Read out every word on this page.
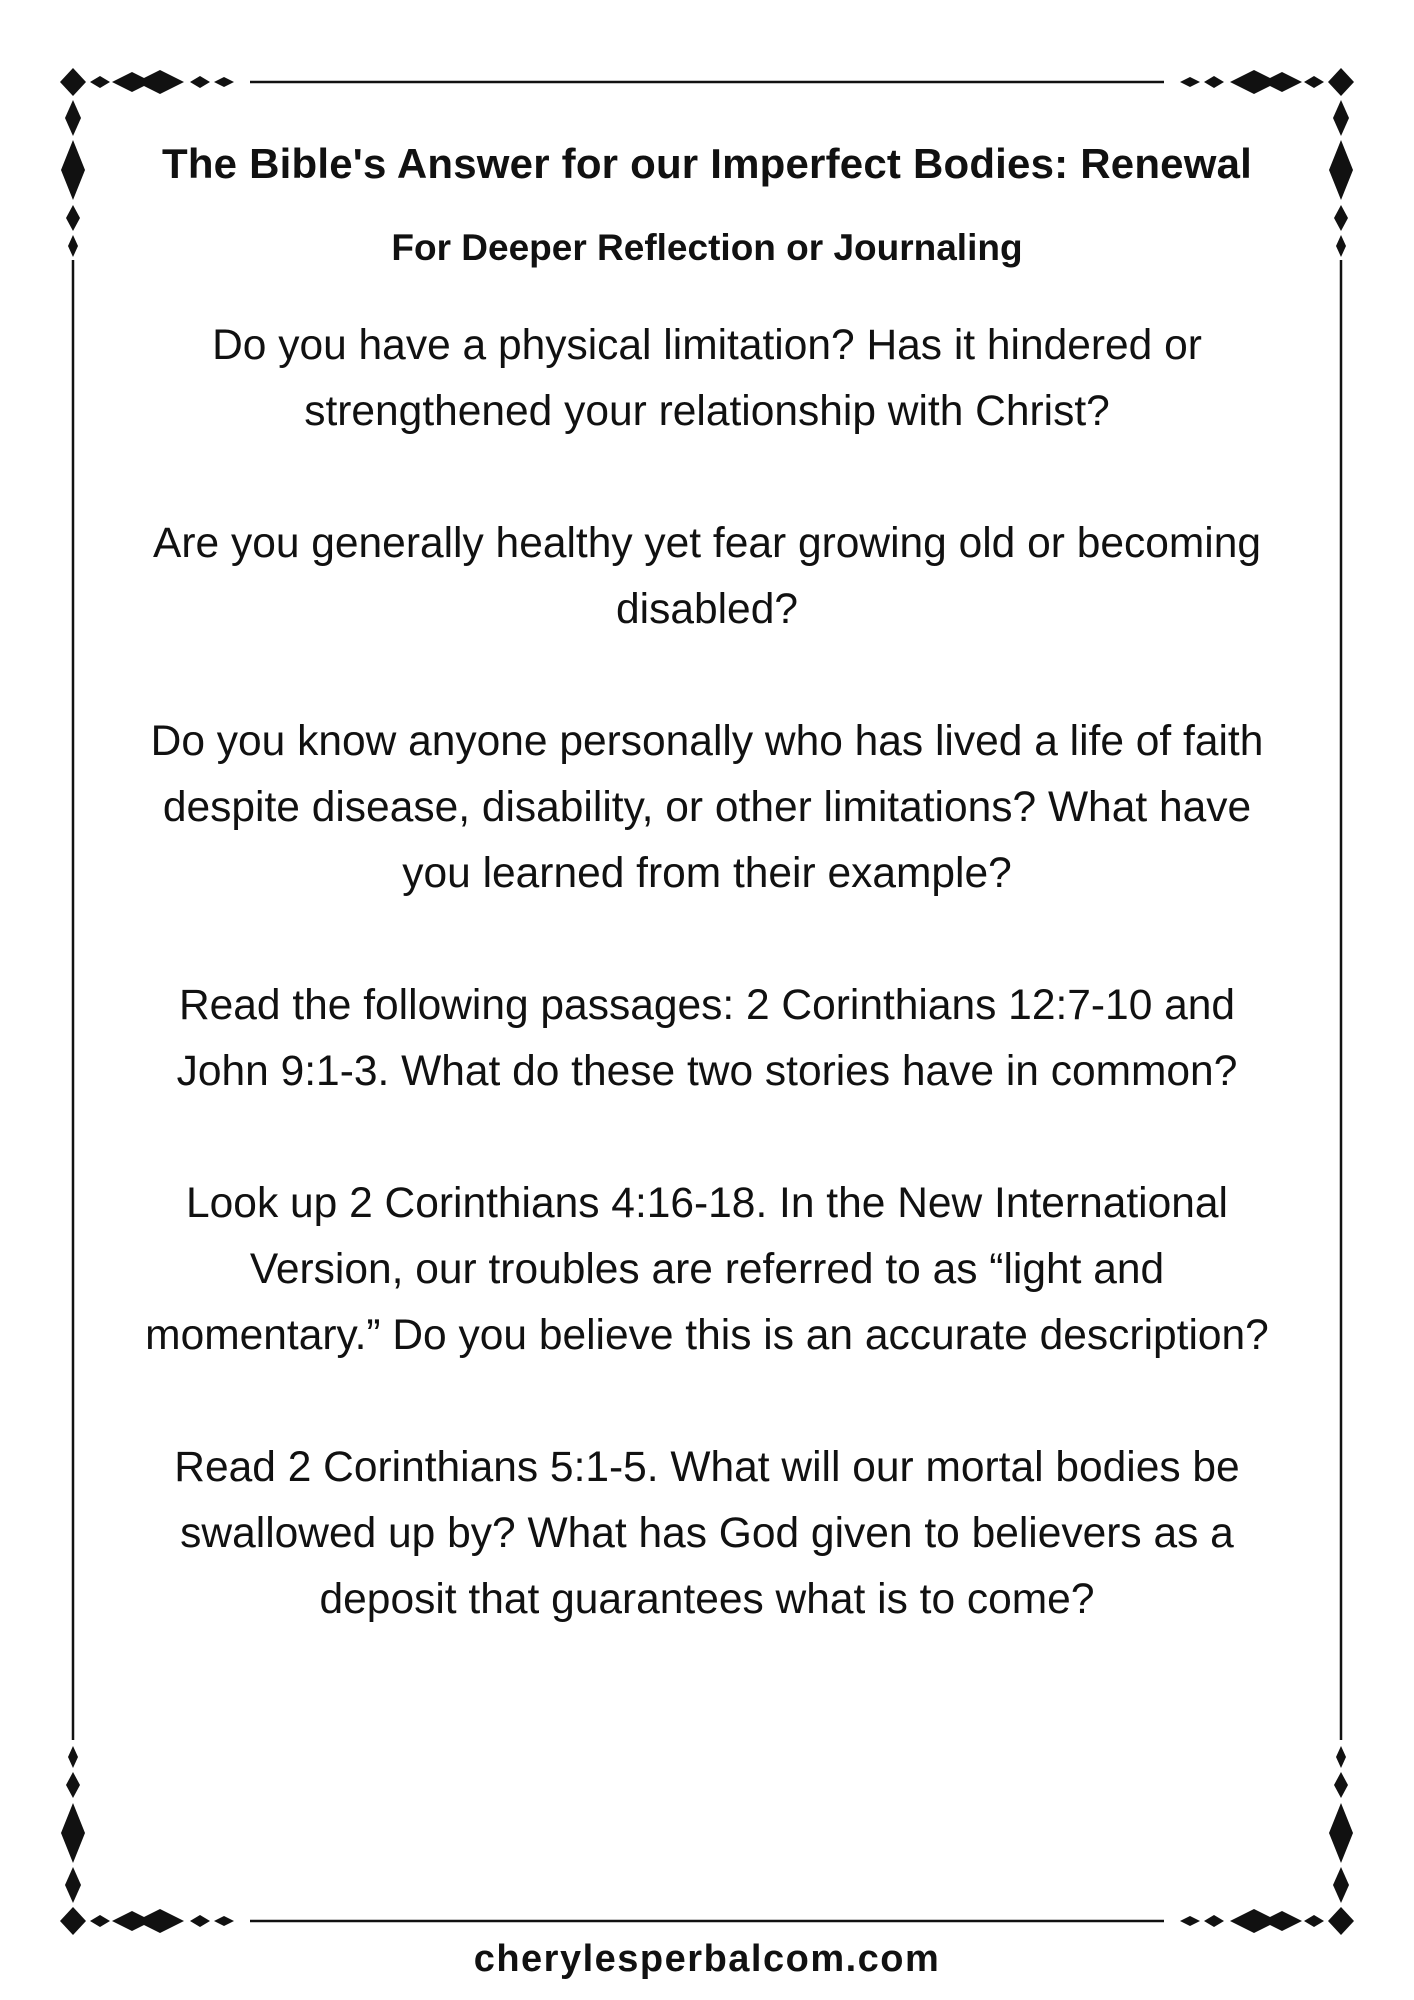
The Bible's Answer for our Imperfect Bodies: Renewal
For Deeper Reflection or Journaling

Do you have a physical limitation? Has it hindered or strengthened your relationship with Christ?

Are you generally healthy yet fear growing old or becoming disabled?

Do you know anyone personally who has lived a life of faith despite disease, disability, or other limitations? What have you learned from their example?

Read the following passages: 2 Corinthians 12:7-10 and John 9:1-3. What do these two stories have in common?

Look up 2 Corinthians 4:16-18. In the New International Version, our troubles are referred to as “light and momentary.” Do you believe this is an accurate description?

Read 2 Corinthians 5:1-5. What will our mortal bodies be swallowed up by? What has God given to believers as a deposit that guarantees what is to come?

cherylesperbalcom.com
